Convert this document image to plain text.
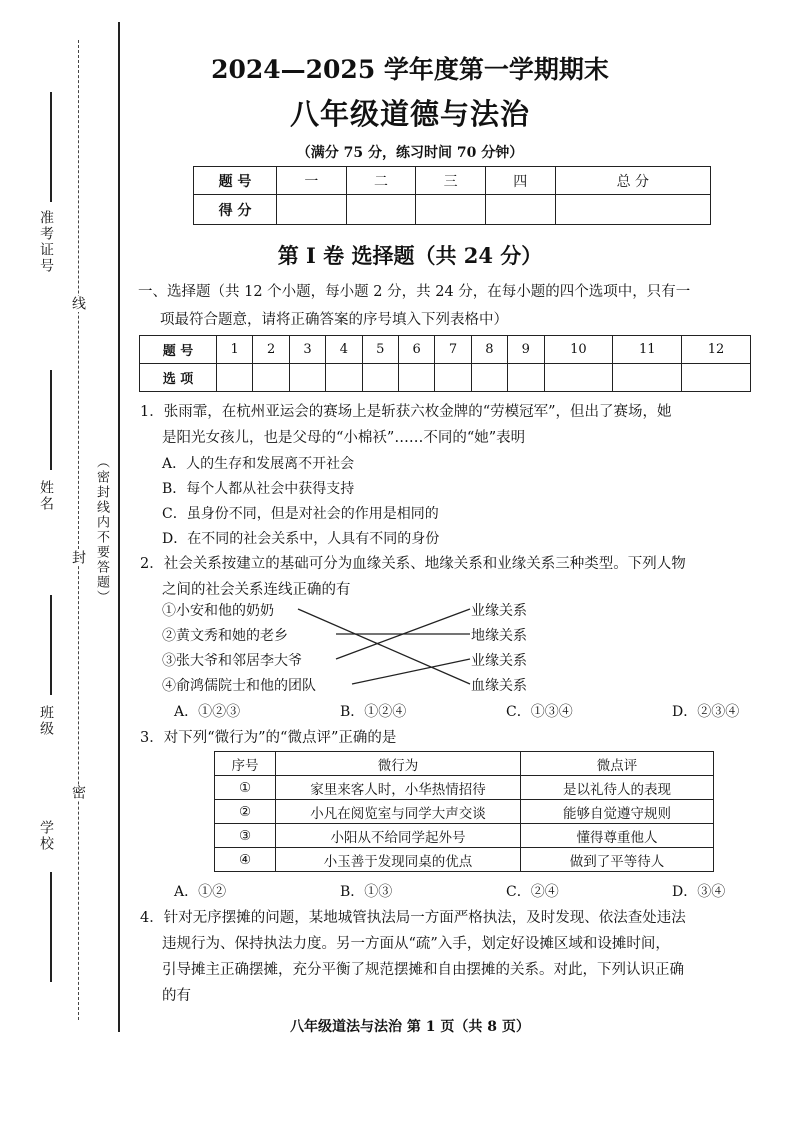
准考证号
线
姓名	（密封线内不要答题）
封
班级
密
学校
2024—2025 学年度第一学期期末
八年级道德与法治
（满分 75 分，练习时间 70 分钟）
题 号	一	二	三	四	总 分
得 分					
第 I 卷 选择题（共 24 分）
一、选择题（共 12 个小题，每小题 2 分，共 24 分，在每小题的四个选项中，只有一
项最符合题意，请将正确答案的序号填入下列表格中）
题 号	1	2	3	4	5	6	7	8	9	10	11	12
选 项												
1．张雨霏，在杭州亚运会的赛场上是斩获六枚金牌的“劳模冠军”，但出了赛场，她
是阳光女孩儿，也是父母的“小棉袄”……不同的“她”表明
A．人的生存和发展离不开社会
B．每个人都从社会中获得支持
C．虽身份不同，但是对社会的作用是相同的
D．在不同的社会关系中，人具有不同的身份
2．社会关系按建立的基础可分为血缘关系、地缘关系和业缘关系三种类型。下列人物
之间的社会关系连线正确的有
①小安和他的奶奶
②黄文秀和她的老乡
③张大爷和邻居李大爷
④俞鸿儒院士和他的团队
业缘关系
地缘关系
业缘关系
血缘关系
A．①②③	B．①②④	C．①③④	D．②③④
3．对下列“微行为”的“微点评”正确的是
序号	微行为	微点评
①	家里来客人时，小华热情招待	是以礼待人的表现
②	小凡在阅览室与同学大声交谈	能够自觉遵守规则
③	小阳从不给同学起外号	懂得尊重他人
④	小玉善于发现同桌的优点	做到了平等待人
A．①②	B．①③	C．②④	D．③④
4．针对无序摆摊的问题，某地城管执法局一方面严格执法，及时发现、依法查处违法
违规行为、保持执法力度。另一方面从“疏”入手，划定好设摊区域和设摊时间，
引导摊主正确摆摊，充分平衡了规范摆摊和自由摆摊的关系。对此，下列认识正确
的有
八年级道法与法治 第 1 页（共 8 页）
